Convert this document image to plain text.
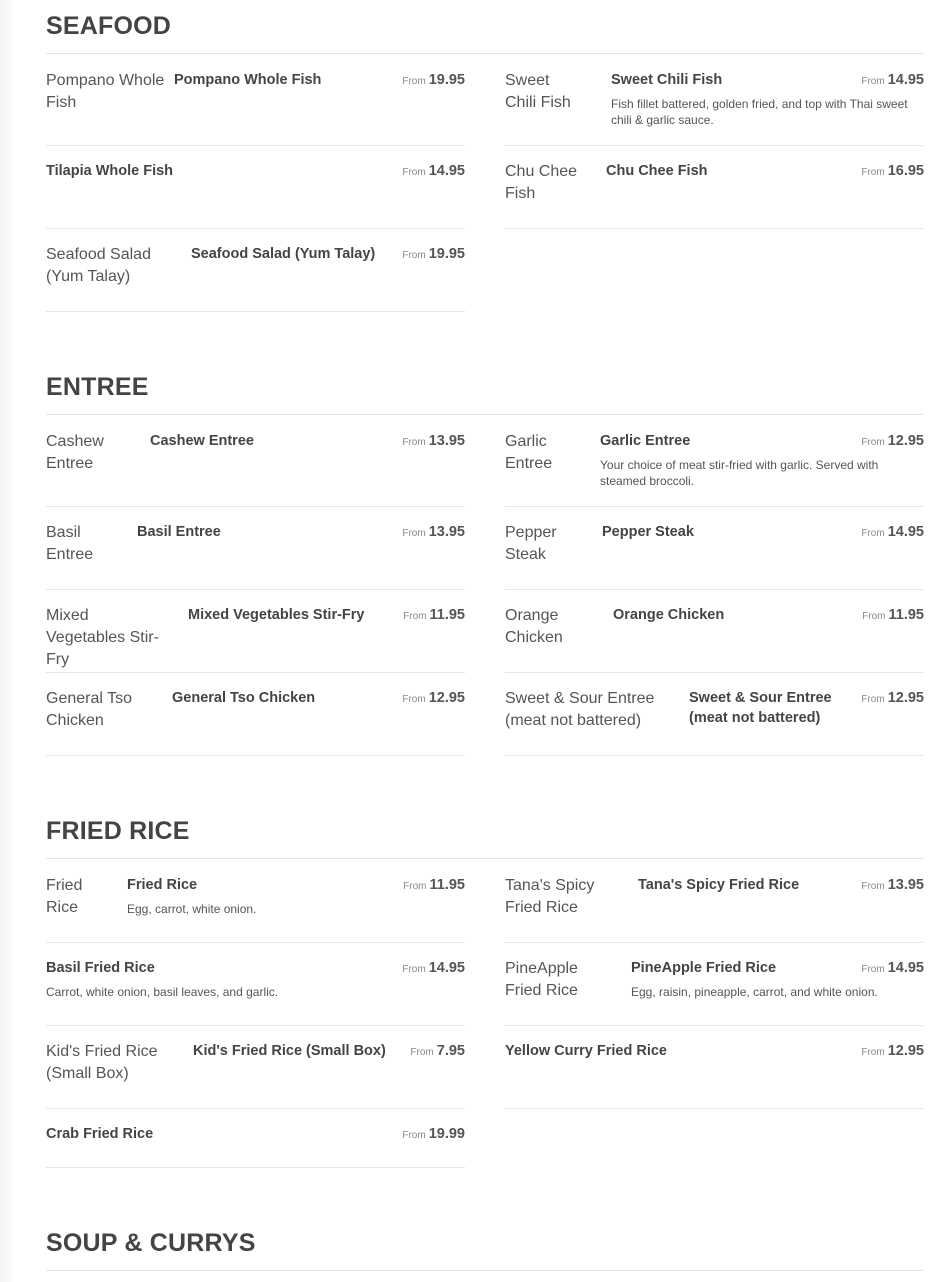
SEAFOOD
Pompano Whole Fish
Pompano Whole Fish	From 19.95	Sweet Chili Fish
Sweet Chili Fish	From 14.95
Fish fillet battered, golden fried, and top with Thai sweet chili & garlic sauce.
Tilapia Whole Fish	From 14.95	Chu Chee Fish
Chu Chee Fish	From 16.95
Seafood Salad (Yum Talay)
Seafood Salad (Yum Talay)	From 19.95
ENTREE
Cashew Entree
Cashew Entree	From 13.95	Garlic Entree
Garlic Entree	From 12.95
Your choice of meat stir-fried with garlic. Served with steamed broccoli.
Basil Entree
Basil Entree	From 13.95	Pepper Steak
Pepper Steak	From 14.95
Mixed Vegetables Stir-Fry
Mixed Vegetables Stir-Fry	From 11.95	Orange Chicken
Orange Chicken	From 11.95
General Tso Chicken
General Tso Chicken	From 12.95	Sweet & Sour Entree (meat not battered)
Sweet & Sour Entree (meat not battered)
From 12.95
FRIED RICE
Fried Rice
Fried Rice	From 11.95
Egg, carrot, white onion.
Tana's Spicy Fried Rice
Tana's Spicy Fried Rice	From 13.95
Basil Fried Rice	From 14.95
Carrot, white onion, basil leaves, and garlic.
PineApple Fried Rice
PineApple Fried Rice	From 14.95
Egg, raisin, pineapple, carrot, and white onion.
Kid's Fried Rice (Small Box)
Kid's Fried Rice (Small Box) From 7.95	Yellow Curry Fried Rice	From 12.95
Crab Fried Rice	From 19.99
SOUP & CURRYS
